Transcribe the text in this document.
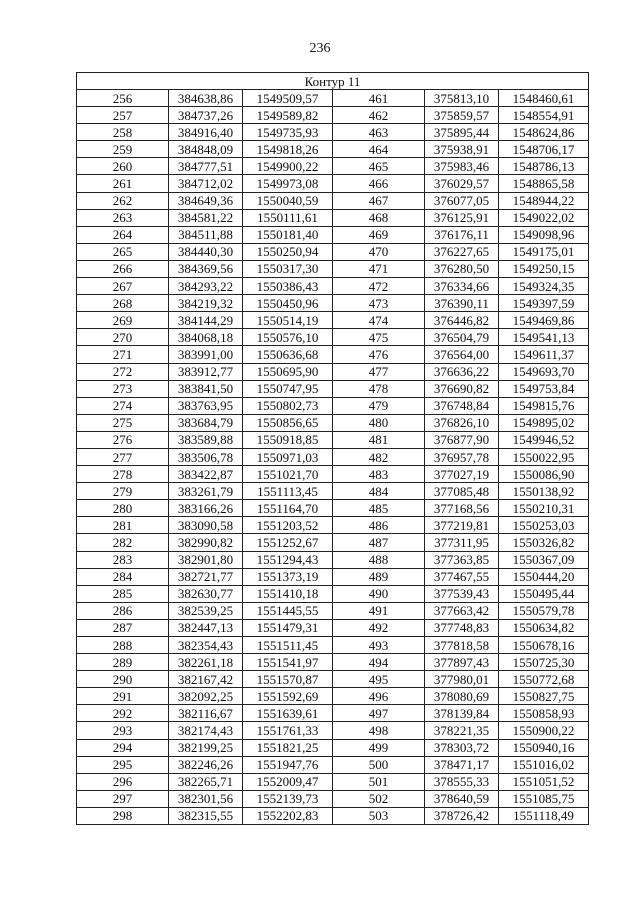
236
Контур 11					
256	384638,86	1549509,57	461	375813,10	1548460,61
257	384737,26	1549589,82	462	375859,57	1548554,91
258	384916,40	1549735,93	463	375895,44	1548624,86
259	384848,09	1549818,26	464	375938,91	1548706,17
260	384777,51	1549900,22	465	375983,46	1548786,13
261	384712,02	1549973,08	466	376029,57	1548865,58
262	384649,36	1550040,59	467	376077,05	1548944,22
263	384581,22	1550111,61	468	376125,91	1549022,02
264	384511,88	1550181,40	469	376176,11	1549098,96
265	384440,30	1550250,94	470	376227,65	1549175,01
266	384369,56	1550317,30	471	376280,50	1549250,15
267	384293,22	1550386,43	472	376334,66	1549324,35
268	384219,32	1550450,96	473	376390,11	1549397,59
269	384144,29	1550514,19	474	376446,82	1549469,86
270	384068,18	1550576,10	475	376504,79	1549541,13
271	383991,00	1550636,68	476	376564,00	1549611,37
272	383912,77	1550695,90	477	376636,22	1549693,70
273	383841,50	1550747,95	478	376690,82	1549753,84
274	383763,95	1550802,73	479	376748,84	1549815,76
275	383684,79	1550856,65	480	376826,10	1549895,02
276	383589,88	1550918,85	481	376877,90	1549946,52
277	383506,78	1550971,03	482	376957,78	1550022,95
278	383422,87	1551021,70	483	377027,19	1550086,90
279	383261,79	1551113,45	484	377085,48	1550138,92
280	383166,26	1551164,70	485	377168,56	1550210,31
281	383090,58	1551203,52	486	377219,81	1550253,03
282	382990,82	1551252,67	487	377311,95	1550326,82
283	382901,80	1551294,43	488	377363,85	1550367,09
284	382721,77	1551373,19	489	377467,55	1550444,20
285	382630,77	1551410,18	490	377539,43	1550495,44
286	382539,25	1551445,55	491	377663,42	1550579,78
287	382447,13	1551479,31	492	377748,83	1550634,82
288	382354,43	1551511,45	493	377818,58	1550678,16
289	382261,18	1551541,97	494	377897,43	1550725,30
290	382167,42	1551570,87	495	377980,01	1550772,68
291	382092,25	1551592,69	496	378080,69	1550827,75
292	382116,67	1551639,61	497	378139,84	1550858,93
293	382174,43	1551761,33	498	378221,35	1550900,22
294	382199,25	1551821,25	499	378303,72	1550940,16
295	382246,26	1551947,76	500	378471,17	1551016,02
296	382265,71	1552009,47	501	378555,33	1551051,52
297	382301,56	1552139,73	502	378640,59	1551085,75
298	382315,55	1552202,83	503	378726,42	1551118,49
